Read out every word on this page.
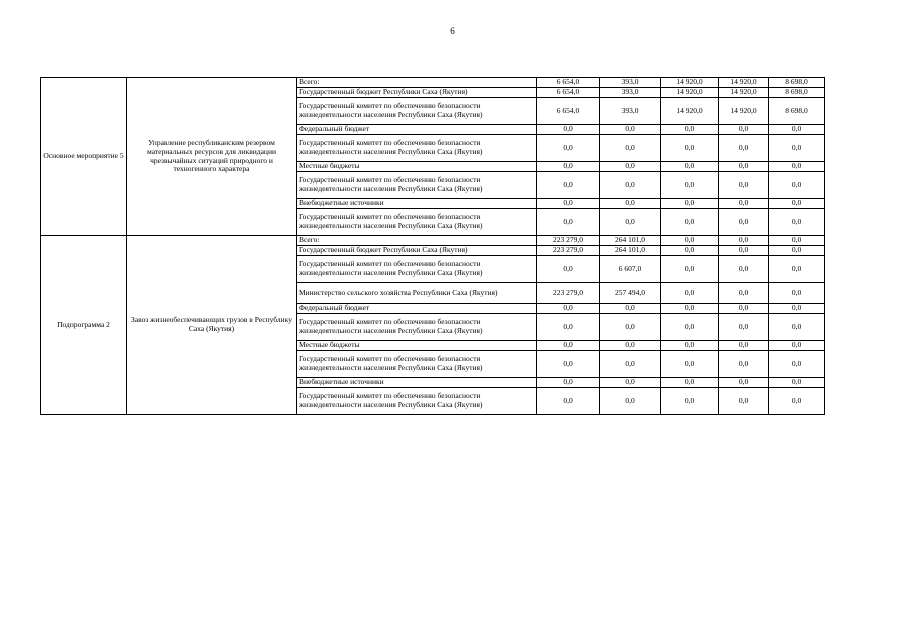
6
Основное мероприятие 5	Управление республиканским резервом материальных ресурсов для ликвидации чрезвычайных ситуаций природного и техногенного характера	Всего:	6 654,0	393,0	14 920,0	14 920,0	8 698,0
		Государственный бюджет Республики Саха (Якутия)	6 654,0	393,0	14 920,0	14 920,0	8 698,0
		Государственный комитет по обеспечению безопасности жизнедеятельности населения Республики Саха (Якутия)	6 654,0	393,0	14 920,0	14 920,0	8 698,0
		Федеральный бюджет	0,0	0,0	0,0	0,0	0,0
		Государственный комитет по обеспечению безопасности жизнедеятельности населения Республики Саха (Якутия)	0,0	0,0	0,0	0,0	0,0
		Местные бюджеты	0,0	0,0	0,0	0,0	0,0
		Государственный комитет по обеспечению безопасности жизнедеятельности населения Республики Саха (Якутия)	0,0	0,0	0,0	0,0	0,0
		Внебюджетные источники	0,0	0,0	0,0	0,0	0,0
		Государственный комитет по обеспечению безопасности жизнедеятельности населения Республики Саха (Якутия)	0,0	0,0	0,0	0,0	0,0
Подпрограмма 2	Завоз жизнеобеспечивающих грузов в Республику Саха (Якутия)	Всего:	223 279,0	264 101,0	0,0	0,0	0,0
		Государственный бюджет Республики Саха (Якутия)	223 279,0	264 101,0	0,0	0,0	0,0
		Государственный комитет по обеспечению безопасности жизнедеятельности населения Республики Саха (Якутия)	0,0	6 607,0	0,0	0,0	0,0
		Министерство сельского хозяйства Республики Саха (Якутия)	223 279,0	257 494,0	0,0	0,0	0,0
		Федеральный бюджет	0,0	0,0	0,0	0,0	0,0
		Государственный комитет по обеспечению безопасности жизнедеятельности населения Республики Саха (Якутия)	0,0	0,0	0,0	0,0	0,0
		Местные бюджеты	0,0	0,0	0,0	0,0	0,0
		Государственный комитет по обеспечению безопасности жизнедеятельности населения Республики Саха (Якутия)	0,0	0,0	0,0	0,0	0,0
		Внебюджетные источники	0,0	0,0	0,0	0,0	0,0
		Государственный комитет по обеспечению безопасности жизнедеятельности населения Республики Саха (Якутия)	0,0	0,0	0,0	0,0	0,0
